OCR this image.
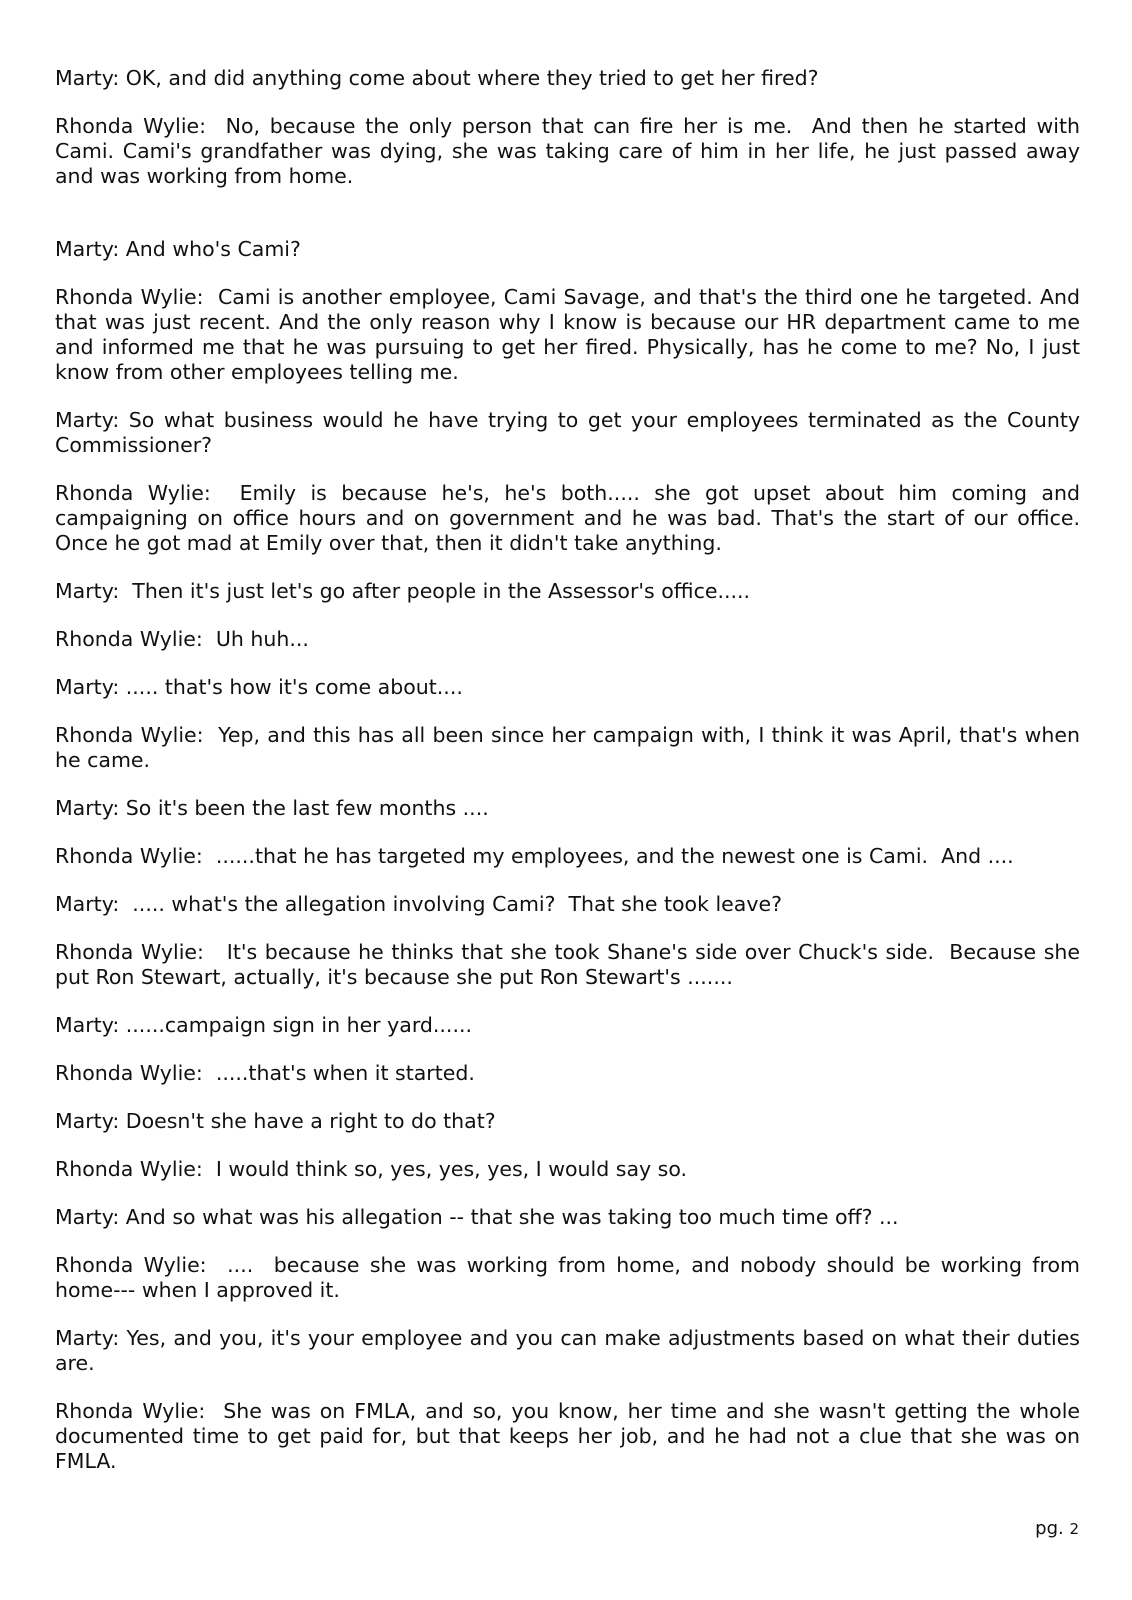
Marty: OK, and did anything come about where they tried to get her fired?

Rhonda Wylie:  No, because the only person that can fire her is me.  And then he started with Cami. Cami's grandfather was dying, she was taking care of him in her life, he just passed away and was working from home.

Marty: And who's Cami?

Rhonda Wylie:  Cami is another employee, Cami Savage, and that's the third one he targeted. And that was just recent. And the only reason why I know is because our HR department came to me and informed me that he was pursuing to get her fired. Physically, has he come to me? No, I just know from other employees telling me.

Marty: So what business would he have trying to get your employees terminated as the County Commissioner?

Rhonda Wylie:  Emily is because he's, he's both..... she got upset about him coming and campaigning on office hours and on government and he was bad. That's the start of our office. Once he got mad at Emily over that, then it didn't take anything.

Marty:  Then it's just let's go after people in the Assessor's office.....

Rhonda Wylie:  Uh huh...

Marty: ..... that's how it's come about....

Rhonda Wylie:  Yep, and this has all been since her campaign with, I think it was April, that's when he came.

Marty: So it's been the last few months ....

Rhonda Wylie:  ......that he has targeted my employees, and the newest one is Cami.  And ....

Marty:  ..... what's the allegation involving Cami?  That she took leave?

Rhonda Wylie:   It's because he thinks that she took Shane's side over Chuck's side.  Because she put Ron Stewart, actually, it's because she put Ron Stewart's .......

Marty: ......campaign sign in her yard......

Rhonda Wylie:  .....that's when it started.

Marty: Doesn't she have a right to do that?

Rhonda Wylie:  I would think so, yes, yes, yes, I would say so.

Marty: And so what was his allegation -- that she was taking too much time off? ...

Rhonda Wylie:  ....  because she was working from home, and nobody should be working from home--- when I approved it.

Marty: Yes, and you, it's your employee and you can make adjustments based on what their duties are.

Rhonda Wylie:  She was on FMLA, and so, you know, her time and she wasn't getting the whole documented time to get paid for, but that keeps her job, and he had not a clue that she was on FMLA.

pg. 2
